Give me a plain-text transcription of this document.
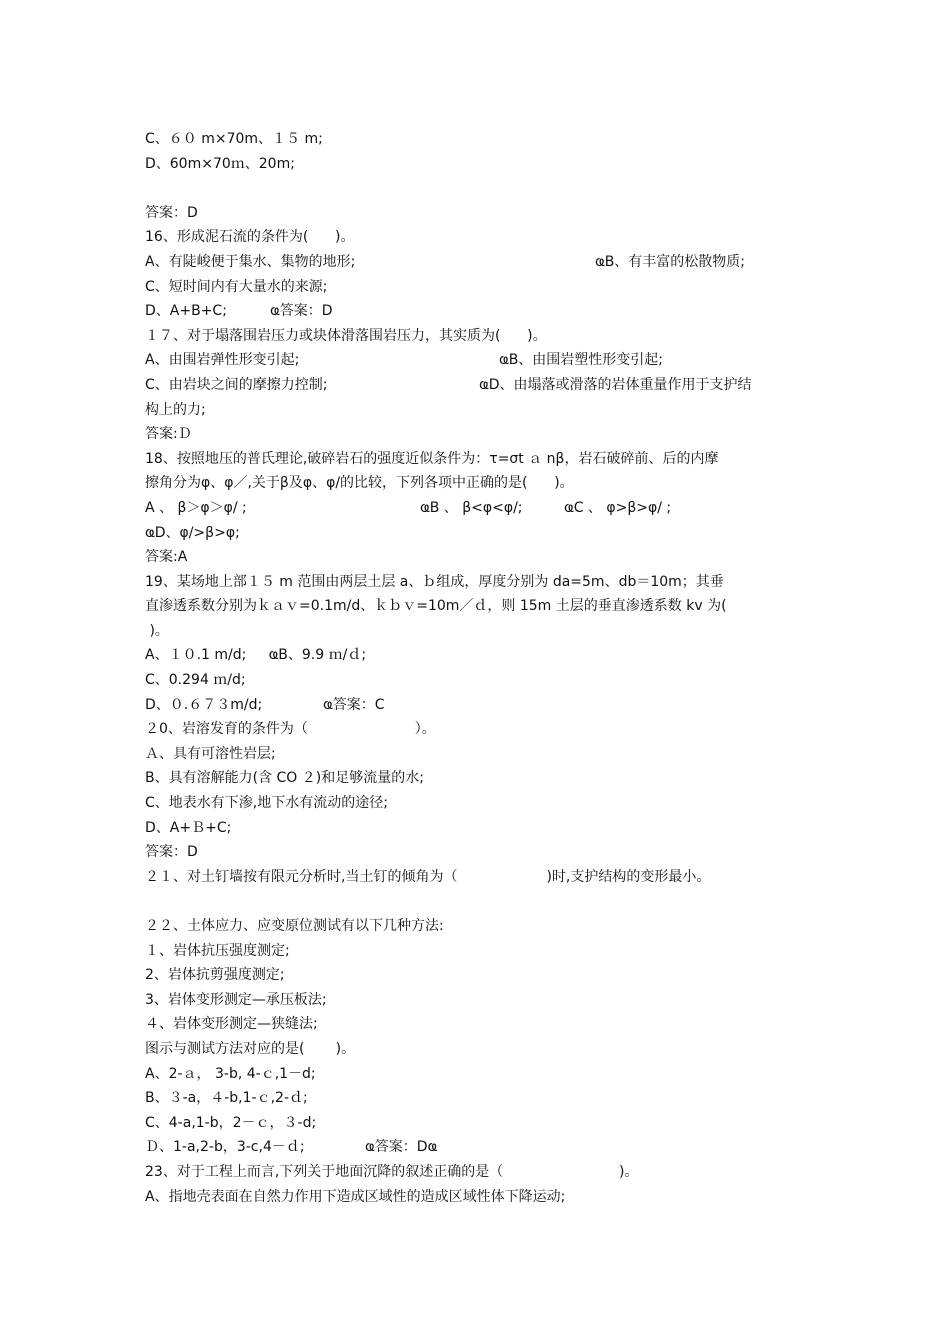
C、６０ m×70m、１５ m;
D、60m×70ｍ、20m;
答案：D
16、形成泥石流的条件为(      )。

A、有陡峻便于集水、集物的地形;

	ҩB、有丰富的松散物质;

C、短时间内有大量水的来源;

D、A+B+C;

	ҩ答案：D

１７、对于塌落围岩压力或块体滑落围岩压力，其实质为(      )。

A、由围岩弹性形变引起;

	ҩB、由围岩塑性形变引起;

C、由岩块之间的摩擦力控制;

	ҩD、由塌落或滑落的岩体重量作用于支护结

构上的力;
答案:Ｄ
18、按照地压的普氏理论,破碎岩石的强度近似条件为：τ=σt ａ nβ，岩石破碎前、后的内摩
擦角分为φ、φ／,关于β及φ、φ/的比较，下列各项中正确的是(      )。

A 、 β＞φ＞φ/ ;

	ҩB 、 β<φ<φ/;

	ҩC 、 φ>β>φ/ ;

ҩD、φ/>β>φ;
答案:A
19、某场地上部１５ m 范围由两层土层 a、ｂ组成，厚度分别为 da=5m、db＝10m；其垂
直渗透系数分别为ｋａｖ=0.1m/d、ｋｂｖ=10m／ｄ，则 15m 土层的垂直渗透系数 kv 为(
)。
A、１０.1 m/d;     ҩB、9.9 ｍ/ｄ;
C、0.294 ｍ/d;

D、０.６７３m/d;

	ҩ答案：C

２0、岩溶发育的条件为（                        ）。
Ａ、具有可溶性岩层;
B、具有溶解能力(含 CO ２)和足够流量的水;
C、地表水有下渗,地下水有流动的途径;
D、A+Ｂ+C;
答案：D
２１、对土钉墙按有限元分析时,当土钉的倾角为（                    )时,支护结构的变形最小。
２２、土体应力、应变原位测试有以下几种方法:
１、岩体抗压强度测定;
2、岩体抗剪强度测定;
3、岩体变形测定—承压板法;
４、岩体变形测定—狭缝法;
图示与测试方法对应的是(       )。
A、2-ａ， 3-b, 4-ｃ,1－d;
B、３-a，４-b,1-ｃ,2-ｄ;
C、4-a,1-b，2－ｃ，３-d;

Ｄ、1-a,2-b，3-c,4－ｄ;

	ҩ答案：Dҩ

23、对于工程上而言,下列关于地面沉降的叙述正确的是（                          )。
A、指地壳表面在自然力作用下造成区域性的造成区域性体下降运动;
